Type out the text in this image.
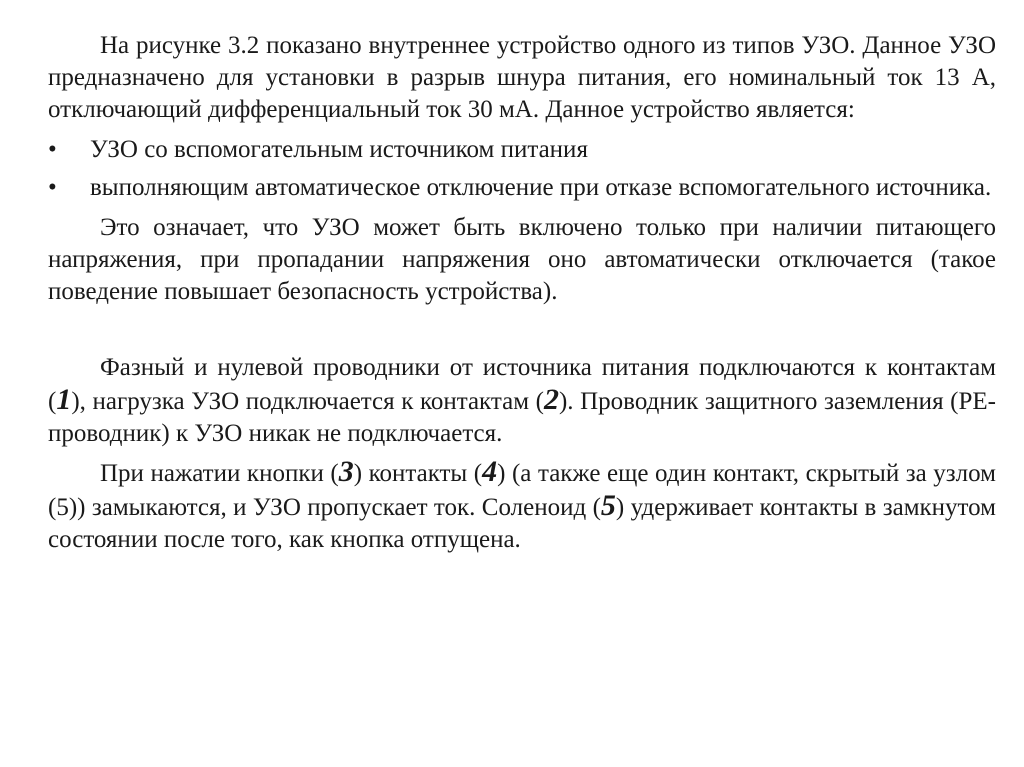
На рисунке 3.2 показано внутреннее устройство одного из типов УЗО. Данное УЗО предназначено для установки в разрыв шнура питания, его номинальный ток 13 А, отключающий дифференциальный ток 30 мА. Данное устройство является:

• УЗО со вспомогательным источником питания
• выполняющим автоматическое отключение при отказе вспомогательного источника.

Это означает, что УЗО может быть включено только при наличии питающего напряжения, при пропадании напряжения оно автоматически отключается (такое поведение повышает безопасность устройства).

Фазный и нулевой проводники от источника питания подключаются к контактам (1), нагрузка УЗО подключается к контактам (2). Проводник защитного заземления (PE-проводник) к УЗО никак не подключается.

При нажатии кнопки (3) контакты (4) (а также еще один контакт, скрытый за узлом (5)) замыкаются, и УЗО пропускает ток. Соленоид (5) удерживает контакты в замкнутом состоянии после того, как кнопка отпущена.
